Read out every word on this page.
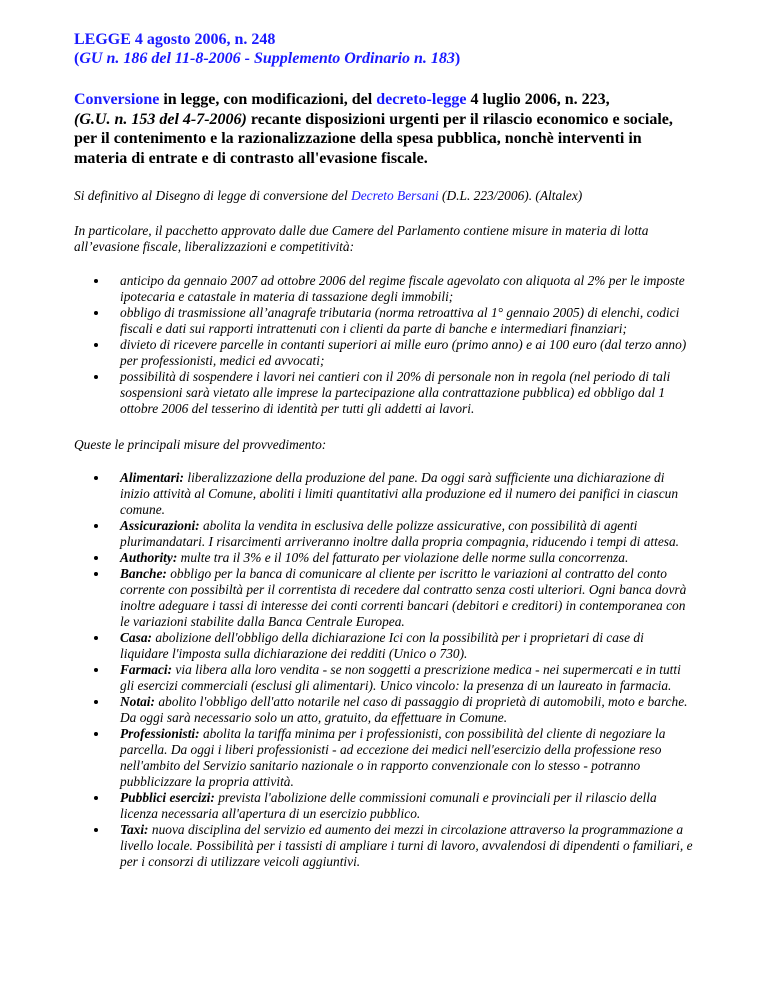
LEGGE 4 agosto 2006, n. 248
(GU n. 186 del 11-8-2006 - Supplemento Ordinario n. 183)
Conversione in legge, con modificazioni, del decreto-legge 4 luglio 2006, n. 223,
(G.U. n. 153 del 4-7-2006) recante disposizioni urgenti per il rilascio economico e sociale, per il contenimento e la razionalizzazione della spesa pubblica, nonchè interventi in materia di entrate e di contrasto all'evasione fiscale.

Si definitivo al Disegno di legge di conversione del Decreto Bersani (D.L. 223/2006). (Altalex)

In particolare, il pacchetto approvato dalle due Camere del Parlamento contiene misure in materia di lotta all’evasione fiscale, liberalizzazioni e competitività:

anticipo da gennaio 2007 ad ottobre 2006 del regime fiscale agevolato con aliquota al 2% per le imposte ipotecaria e catastale in materia di tassazione degli immobili;
obbligo di trasmissione all’anagrafe tributaria (norma retroattiva al 1° gennaio 2005) di elenchi, codici fiscali e dati sui rapporti intrattenuti con i clienti da parte di banche e intermediari finanziari;
divieto di ricevere parcelle in contanti superiori ai mille euro (primo anno) e ai 100 euro (dal terzo anno) per professionisti, medici ed avvocati;
possibilità di sospendere i lavori nei cantieri con il 20% di personale non in regola (nel periodo di tali sospensioni sarà vietato alle imprese la partecipazione alla contrattazione pubblica) ed obbligo dal 1 ottobre 2006 del tesserino di identità per tutti gli addetti ai lavori.

Queste le principali misure del provvedimento:

Alimentari: liberalizzazione della produzione del pane. Da oggi sarà sufficiente una dichiarazione di inizio attività al Comune, aboliti i limiti quantitativi alla produzione ed il numero dei panifici in ciascun comune.
Assicurazioni: abolita la vendita in esclusiva delle polizze assicurative, con possibilità di agenti plurimandatari. I risarcimenti arriveranno inoltre dalla propria compagnia, riducendo i tempi di attesa.
Authority: multe tra il 3% e il 10% del fatturato per violazione delle norme sulla concorrenza.
Banche: obbligo per la banca di comunicare al cliente per iscritto le variazioni al contratto del conto corrente con possibiltà per il correntista di recedere dal contratto senza costi ulteriori. Ogni banca dovrà inoltre adeguare i tassi di interesse dei conti correnti bancari (debitori e creditori) in contemporanea con le variazioni stabilite dalla Banca Centrale Europea.
Casa: abolizione dell'obbligo della dichiarazione Ici con la possibilità per i proprietari di case di liquidare l'imposta sulla dichiarazione dei redditi (Unico o 730).
Farmaci: via libera alla loro vendita - se non soggetti a prescrizione medica - nei supermercati e in tutti gli esercizi commerciali (esclusi gli alimentari). Unico vincolo: la presenza di un laureato in farmacia.
Notai: abolito l'obbligo dell'atto notarile nel caso di passaggio di proprietà di automobili, moto e barche. Da oggi sarà necessario solo un atto, gratuito, da effettuare in Comune.
Professionisti: abolita la tariffa minima per i professionisti, con possibilità del cliente di negoziare la parcella. Da oggi i liberi professionisti - ad eccezione dei medici nell'esercizio della professione reso nell'ambito del Servizio sanitario nazionale o in rapporto convenzionale con lo stesso - potranno pubblicizzare la propria attività.
Pubblici esercizi: prevista l'abolizione delle commissioni comunali e provinciali per il rilascio della licenza necessaria all'apertura di un esercizio pubblico.
Taxi: nuova disciplina del servizio ed aumento dei mezzi in circolazione attraverso la programmazione a livello locale. Possibilità per i tassisti di ampliare i turni di lavoro, avvalendosi di dipendenti o familiari, e per i consorzi di utilizzare veicoli aggiuntivi.
